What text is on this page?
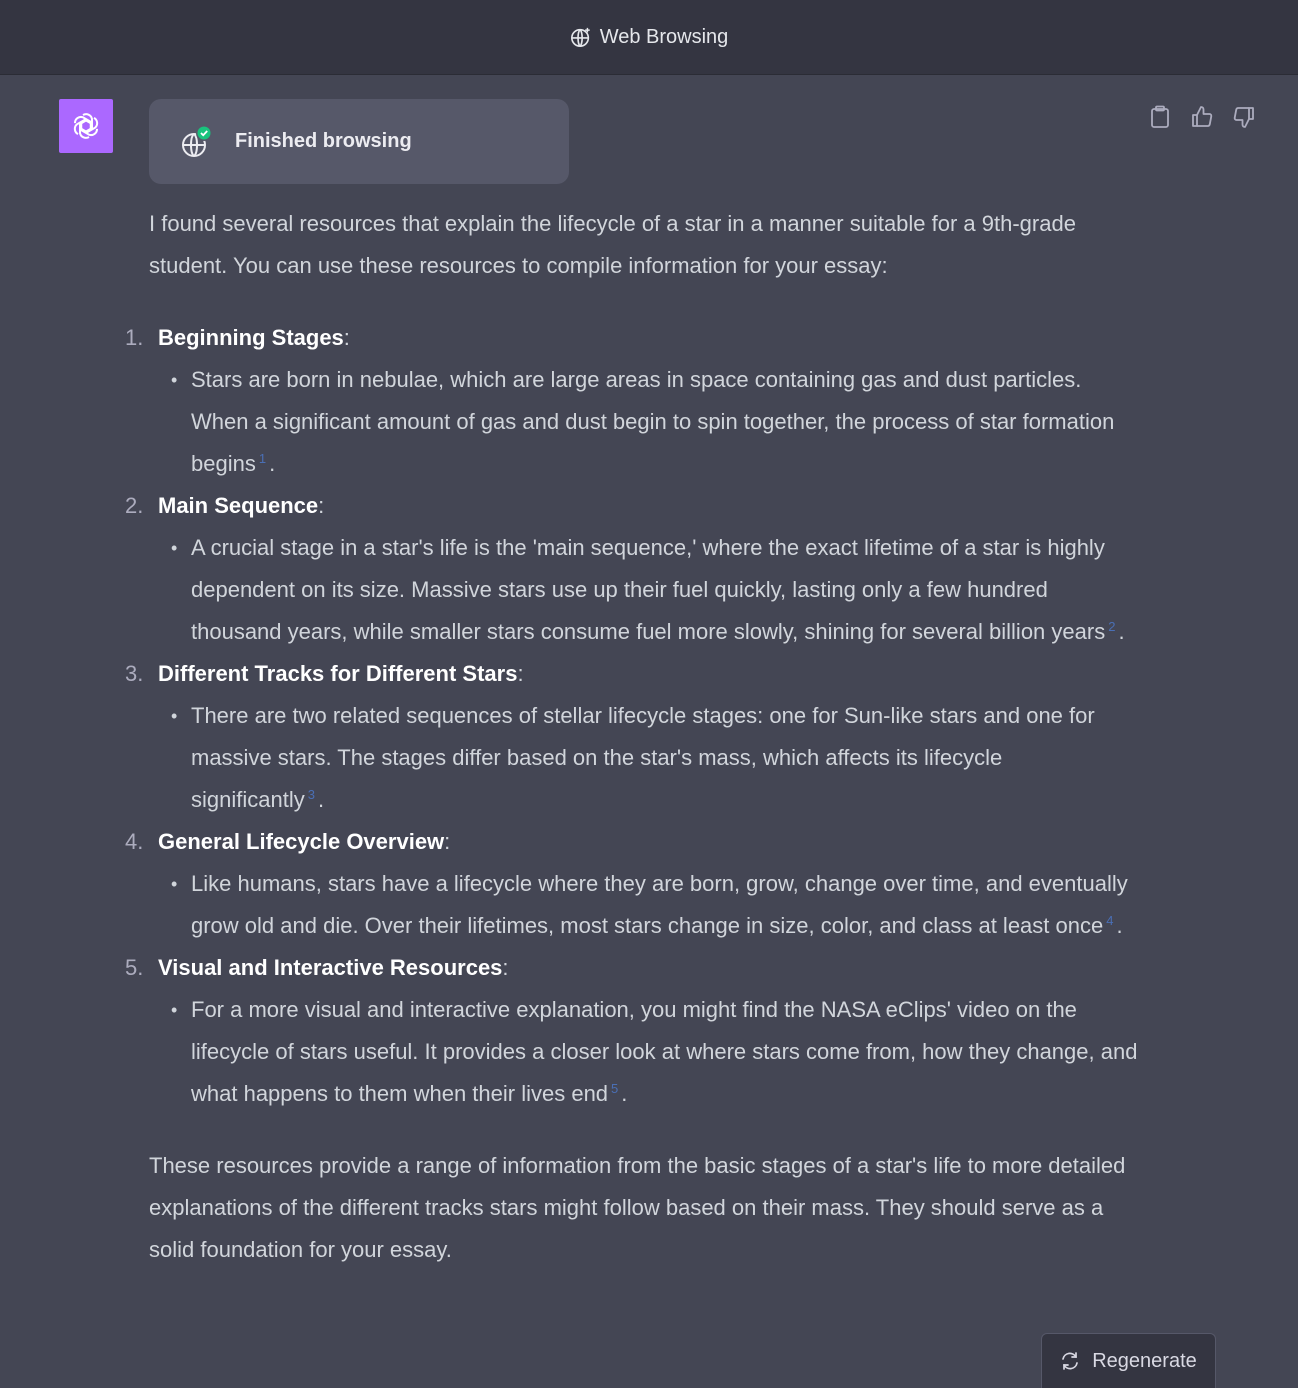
Web Browsing
Finished browsing

I found several resources that explain the lifecycle of a star in a manner suitable for a 9th-grade student. You can use these resources to compile information for your essay:

1. Beginning Stages:
• Stars are born in nebulae, which are large areas in space containing gas and dust particles. When a significant amount of gas and dust begin to spin together, the process of star formation begins $^1$ .
2. Main Sequence:
• A crucial stage in a star's life is the 'main sequence,' where the exact lifetime of a star is highly dependent on its size. Massive stars use up their fuel quickly, lasting only a few hundred thousand years, while smaller stars consume fuel more slowly, shining for several billion years $^2$ .
3. Different Tracks for Different Stars:
• There are two related sequences of stellar lifecycle stages: one for Sun-like stars and one for massive stars. The stages differ based on the star's mass, which affects its lifecycle significantly $^3$ .
4. General Lifecycle Overview:
• Like humans, stars have a lifecycle where they are born, grow, change over time, and eventually grow old and die. Over their lifetimes, most stars change in size, color, and class at least once $^4$ .
5. Visual and Interactive Resources:
• For a more visual and interactive explanation, you might find the NASA eClips' video on the lifecycle of stars useful. It provides a closer look at where stars come from, how they change, and what happens to them when their lives end $^5$ .

These resources provide a range of information from the basic stages of a star's life to more detailed explanations of the different tracks stars might follow based on their mass. They should serve as a solid foundation for your essay.

Regenerate
